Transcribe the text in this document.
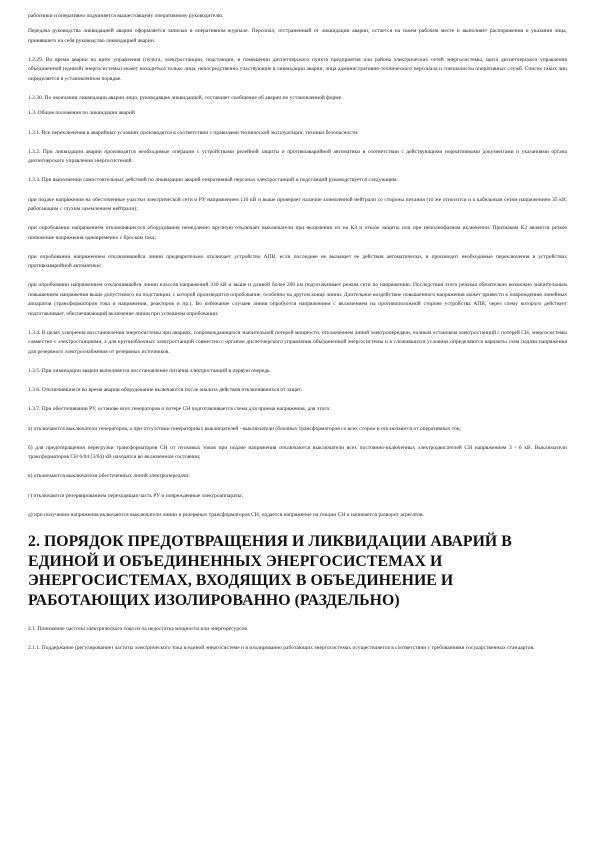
работники и оперативно подчиняется вышестоящему оперативному руководителю.

Передача руководства ликвидацией аварии оформляется записью в оперативном журнале. Персонал, отстраненный от ликвидации аварии, остается на своем рабочем месте и выполняет распоряжения и указания лица, принявшего на себя руководство ликвидацией аварии.

1.2.29. Во время аварии на щите управления (пульта, электростанции, подстанции, в помещении диспетчерского пункта предприятия или района электрических сетей энергосистемы, щита диспетчерского управления объединенной (единой) энергосистемы) может находиться только лица, непосредственно участвующие в ликвидации аварии, лица административно-технического персонала и специалисты оперативных служб. Список таких лиц определяется в установленном порядке.

1.2.30. По окончании ликвидации аварии лицо, руководящее ликвидацией, составляет сообщение об аварии по установленной форме.

1.3. Общие положения по ликвидации аварий

1.3.1. Все переключения в аварийных условиях производятся в соответствии с правилами технической эксплуатации, техники безопасности.

1.3.2. При ликвидации аварии производятся необходимые операции с устройствами релейной защиты и противоаварийной автоматики в соответствии с действующими нормативными документами и указаниями органа диспетчерского управления энергосистемой.

1.3.3. При выполнении самостоятельных действий по ликвидации аварий оперативный персонал электростанций и подстанций руководствуется следующим:

при подаче напряжения на обесточенные участки электрической сети и РУ напряжением 110 кВ и выше проверяет наличие заземленной нейтрали со стороны питания (то же относится и к кабельным сетям напряжением 35 кВ, работающим с глухим заземлением нейтрали);

при опробовании напряжением отключившегося оборудования немедленно вручную отключает выключатели при включении их на КЗ и отказе защиты или при неполнофазном включении. Признаком КЗ является резкое понижение напряжения одновременно с броском тока;

при опробовании напряжением отключившейся линии предварительно отключает устройство АПВ, если последнее не вызывает ее действия автоматически, и производит необходимые переключения в устройствах противоаварийной автоматики;

при опробовании напряжением отключившейся линии классов напряжений 330 кВ и выше и длиной более 200 км подготавливает режим сети по напряжению. Последствия этого режима обязательно возможно значительным повышением напряжения выше допустимого на подстанции, с которой производится опробование, особенно на другом конце линии. Длительное воздействие повышенного напряжения может привести к повреждению линейных аппаратов (трансформаторов тока и напряжения, реакторов и пр.). Во избежание случаев линия опробуется напряжением с включением на противоположной стороне устройства АПВ, через схему которого действует подготавливает, обеспечивающий включение линии при успешном опробовании.

1.3.4. В целях ускорения восстановления энергосистемы при авариях, сопровождающихся значительной потерей мощности, отключением линий электропередачи, полным остановом электростанций с потерей СН, энергосистемы совместно с электростанциями, а для крупноблочных электростанций совместно с органом диспетчерского управления объединенной энергосистемы и в сложившихся условиях определяются варианты схем подачи напряжения для резервного электроснабжения от резервных источников.

1.3.5. При ликвидации аварии выполняется восстановление питания электростанций в первую очередь.

1.3.6. Отключившиеся во время аварии оборудование включаются после анализа действия отключившихся от защит.

1.3.7. При обесточивании РУ, останове всех генераторов и потере СН подготавливается схема для приема напряжения, для этого:

а) отключаются выключатели генераторов, а при отсутствии генераторных выключателей - выключатели (блочных трансформаторов со всех сторон и отключаются от оперативных ток;

б) для предотвращения перегрузки трансформаторов СН от пусковых токов при подаче напряжения отключаются выключатели всех постоянно-включенных электродвигателей СН напряжением 3 - 6 кВ. Выключатели трансформаторов СН 6/04 (3/04) кВ находятся во включенном состоянии;

в) отключаются выключатели обесточенных линий электропередачи;

г) отключаются резервированием переходящая часть РУ и поврежденные электроаппараты;

д) при получении напряжения включаются выключатели линии и резервных трансформаторов СН, подается напряжение на секции СН и начинается разворот агрегатов.

2. ПОРЯДОК ПРЕДОТВРАЩЕНИЯ И ЛИКВИДАЦИИ АВАРИЙ В ЕДИНОЙ И ОБЪЕДИНЕННЫХ ЭНЕРГОСИСТЕМАХ И ЭНЕРГОСИСТЕМАХ, ВХОДЯЩИХ В ОБЪЕДИНЕНИЕ И РАБОТАЮЩИХ ИЗОЛИРОВАННО (РАЗДЕЛЬНО)

2.1. Понижение частоты электрического тока из-за недостатка мощности или энергоресурсов

2.1.1. Поддержание (регулирование) частоты электрического тока в единой энергосистеме и в изолированно работающих энергосистемах осуществляется в соответствии с требованиями государственных стандартов.
